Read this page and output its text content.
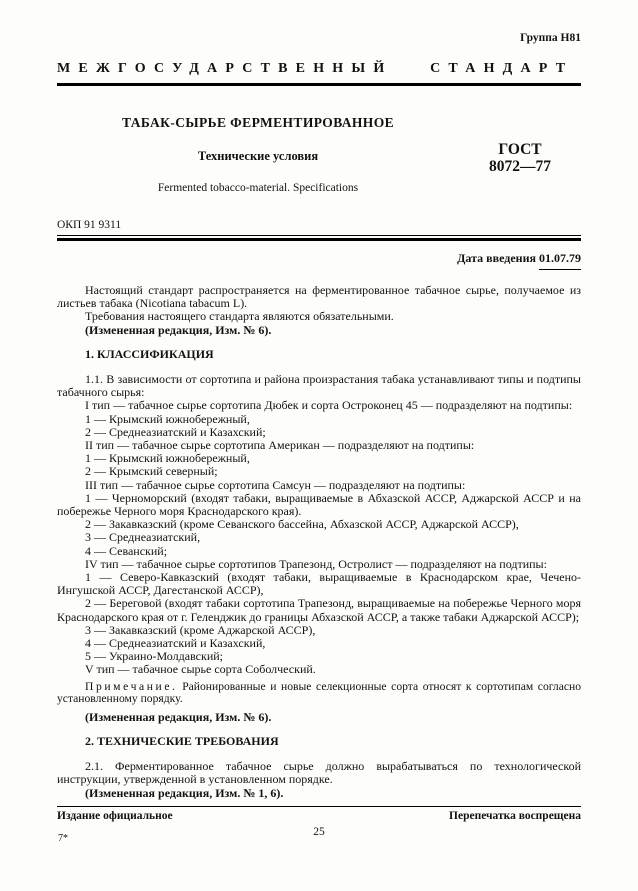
Группа Н81
МЕЖГОСУДАРСТВЕННЫЙ СТАНДАРТ
ТАБАК-СЫРЬЕ ФЕРМЕНТИРОВАННОЕ
Технические условия
Fermented tobacco-material. Specifications
ГОСТ
8072—77
ОКП 91 9311
Дата введения 01.07.79

Настоящий стандарт распространяется на ферментированное табачное сырье, получаемое из листьев табака (Nicotiana tabacum L).

Требования настоящего стандарта являются обязательными.

(Измененная редакция, Изм. № 6).

1. КЛАССИФИКАЦИЯ

1.1. В зависимости от сортотипа и района произрастания табака устанавливают типы и подтипы табачного сырья:

I тип — табачное сырье сортотипа Дюбек и сорта Остроконец 45 — подразделяют на подтипы:

1 — Крымский южнобережный,

2 — Среднеазиатский и Казахский;

II тип — табачное сырье сортотипа Американ — подразделяют на подтипы:

1 — Крымский южнобережный,

2 — Крымский северный;

III тип — табачное сырье сортотипа Самсун — подразделяют на подтипы:

1 — Черноморский (входят табаки, выращиваемые в Абхазской АССР, Аджарской АССР и на побережье Черного моря Краснодарского края).

2 — Закавказский (кроме Севанского бассейна, Абхазской АССР, Аджарской АССР),

3 — Среднеазиатский,

4 — Севанский;

IV тип — табачное сырье сортотипов Трапезонд, Остролист — подразделяют на подтипы:

1 — Северо-Кавказский (входят табаки, выращиваемые в Краснодарском крае, Чечено-Ингушской АССР, Дагестанской АССР),

2 — Береговой (входят табаки сортотипа Трапезонд, выращиваемые на побережье Черного моря Краснодарского края от г. Геленджик до границы Абхазской АССР, а также табаки Аджарской АССР);

3 — Закавказский (кроме Аджарской АССР),

4 — Среднеазиатский и Казахский,

5 — Украино-Молдавский;

V тип — табачное сырье сорта Соболческий.

Примечание. Районированные и новые селекционные сорта относят к сортотипам согласно установленному порядку.

(Измененная редакция, Изм. № 6).

2. ТЕХНИЧЕСКИЕ ТРЕБОВАНИЯ

2.1. Ферментированное табачное сырье должно вырабатываться по технологической инструкции, утвержденной в установленном порядке.

(Измененная редакция, Изм. № 1, 6).

Издание официальное	Перепечатка воспрещена
25
7*
